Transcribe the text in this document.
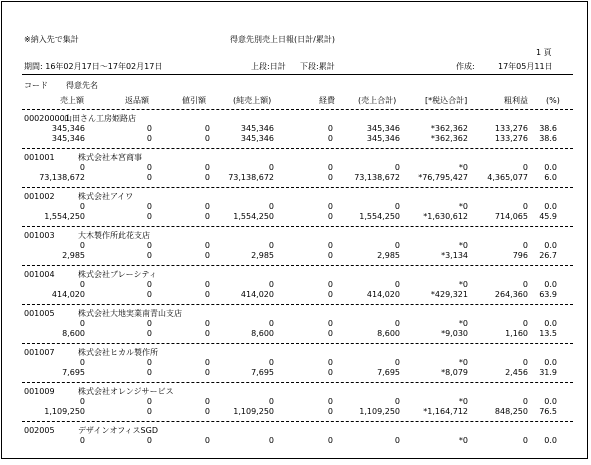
※納入先で集計	得意先別売上日報(日計/累計)
1 頁
期間: 16年02月17日～17年02月17日	上段:日計 下段:累計	作成:	17年05月11日
コード 得意先名
売上額	返品額	値引額	(純売上額)	経費	(売上合計)	[*税込合計]	粗利益 (%)
000200001
山田さん工房姫路店
345,346	0	0	345,346	0	345,346	*362,362	133,276 38.6
345,346	0	0	345,346	0	345,346	*362,362	133,276 38.6
001001	株式会社本宮商事
0	0	0	0	0	0	*0	0 0.0
73,138,672	0	0 73,138,672	0	73,138,672 *76,795,427 4,365,077 6.0
001002	株式会社アイワ
0	0	0	0	0	0	*0	0 0.0
1,554,250	0	0	1,554,250	0	1,554,250	*1,630,612	714,065 45.9
001003	大木製作所此花支店
0	0	0	0	0	0	*0	0 0.0
2,985	0	0	2,985	0	2,985	*3,134	796 26.7
001004	株式会社ブレーシティ
0	0	0	0	0	0	*0	0 0.0
414,020	0	0	414,020	0	414,020	*429,321	264,360 63.9
001005	株式会社大地実業南青山支店
0	0	0	0	0	0	*0	0 0.0
8,600	0	0	8,600	0	8,600	*9,030	1,160 13.5
001007	株式会社ヒカル製作所
0	0	0	0	0	0	*0	0 0.0
7,695	0	0	7,695	0	7,695	*8,079	2,456 31.9
001009	株式会社オレンジサービス
0	0	0	0	0	0	*0	0 0.0
1,109,250	0	0	1,109,250	0	1,109,250	*1,164,712	848,250 76.5
002005	デザインオフィスSGD
0	0	0	0	0	0	*0	0 0.0
